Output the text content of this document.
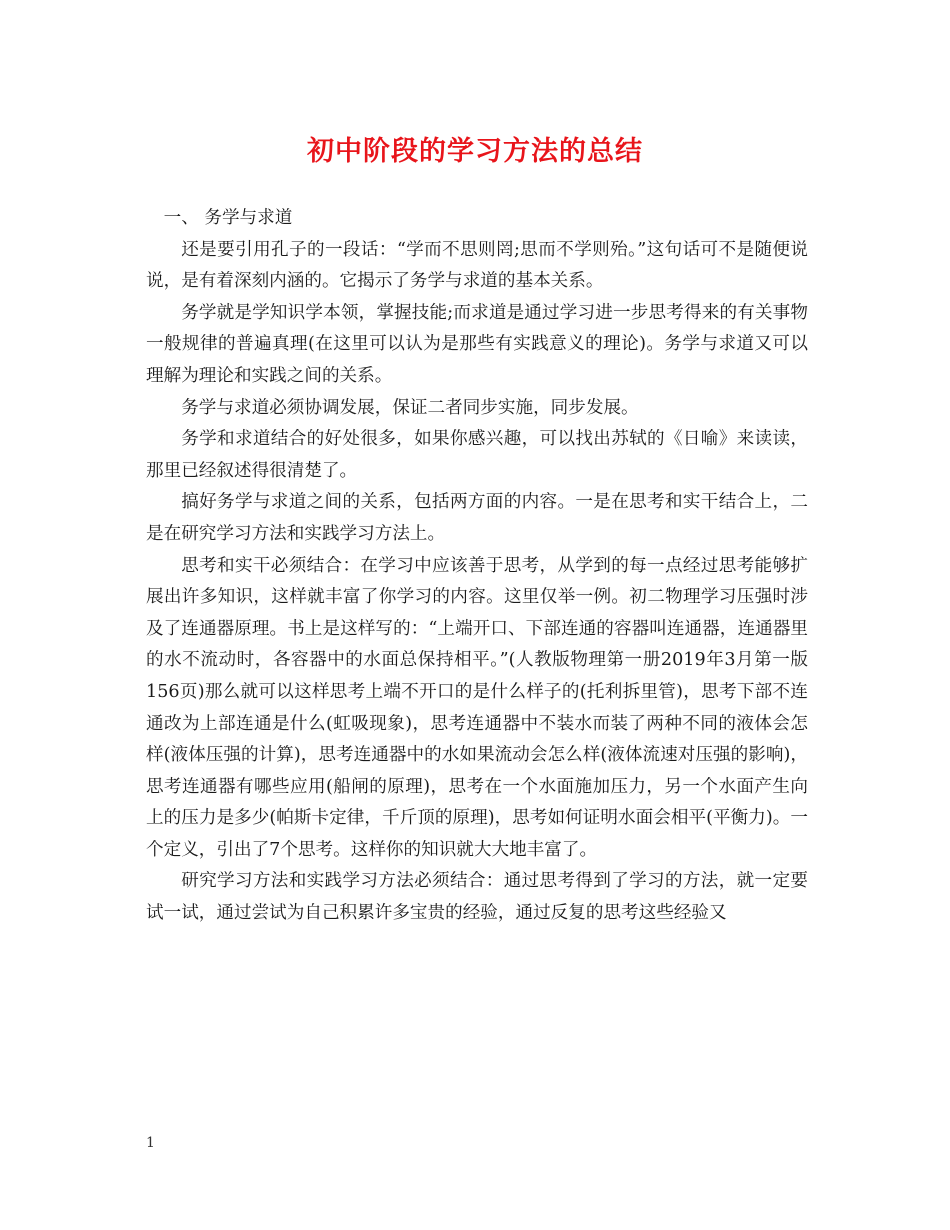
初中阶段的学习方法的总结

一、 务学与求道

还是要引用孔子的一段话：“学而不思则罔;思而不学则殆。”这句话可不是随便说说，是有着深刻内涵的。它揭示了务学与求道的基本关系。

务学就是学知识学本领，掌握技能;而求道是通过学习进一步思考得来的有关事物一般规律的普遍真理(在这里可以认为是那些有实践意义的理论)。务学与求道又可以理解为理论和实践之间的关系。

务学与求道必须协调发展，保证二者同步实施，同步发展。

务学和求道结合的好处很多，如果你感兴趣，可以找出苏轼的《日喻》来读读，那里已经叙述得很清楚了。

搞好务学与求道之间的关系，包括两方面的内容。一是在思考和实干结合上，二是在研究学习方法和实践学习方法上。

思考和实干必须结合：在学习中应该善于思考，从学到的每一点经过思考能够扩展出许多知识，这样就丰富了你学习的内容。这里仅举一例。初二物理学习压强时涉及了连通器原理。书上是这样写的：“上端开口、下部连通的容器叫连通器，连通器里的水不流动时，各容器中的水面总保持相平。”(人教版物理第一册2019年3月第一版156页)那么就可以这样思考上端不开口的是什么样子的(托利拆里管)，思考下部不连通改为上部连通是什么(虹吸现象)，思考连通器中不装水而装了两种不同的液体会怎样(液体压强的计算)，思考连通器中的水如果流动会怎么样(液体流速对压强的影响)，思考连通器有哪些应用(船闸的原理)，思考在一个水面施加压力，另一个水面产生向上的压力是多少(帕斯卡定律，千斤顶的原理)，思考如何证明水面会相平(平衡力)。一个定义，引出了7个思考。这样你的知识就大大地丰富了。

研究学习方法和实践学习方法必须结合：通过思考得到了学习的方法，就一定要试一试，通过尝试为自己积累许多宝贵的经验，通过反复的思考这些经验又

1
